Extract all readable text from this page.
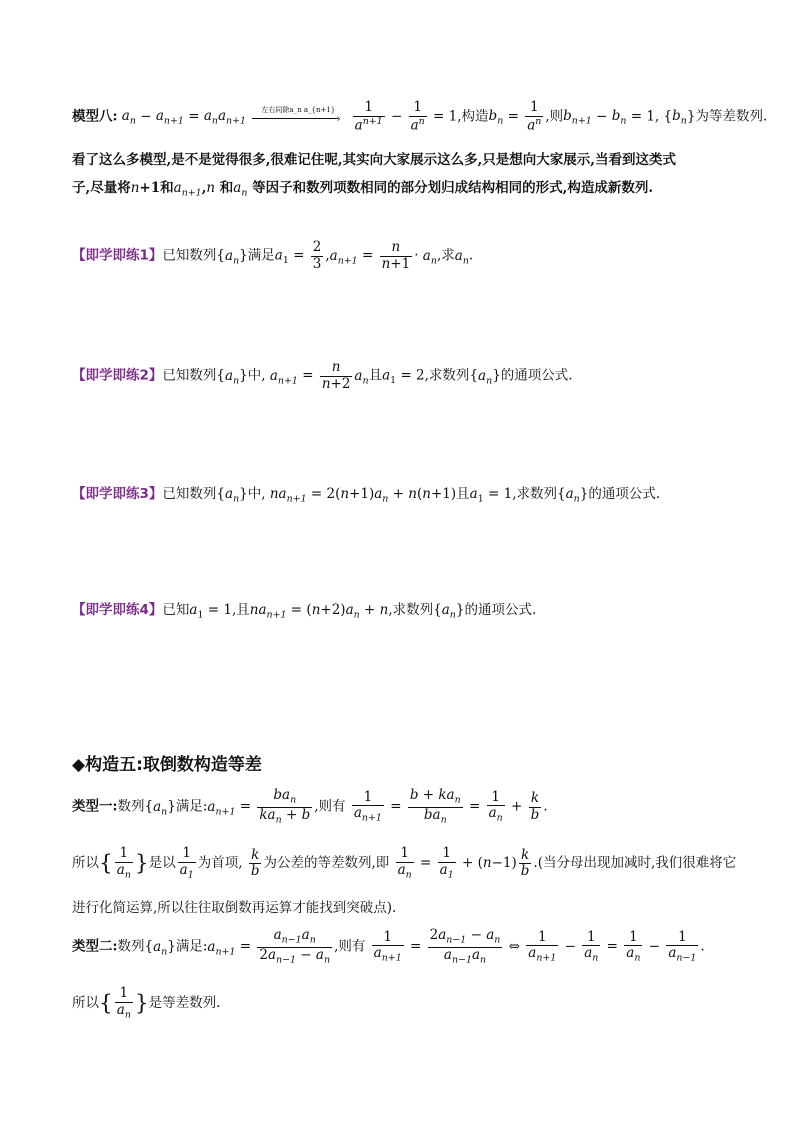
模型八: $a_n - a_{n+1} = a_na_{n+1}$
左右同除a_n a_{n+1}
›
$\frac{1}{a^{n+1}} - \frac{1}{a^n} = 1$,构造$b_n = \frac{1}{a^n}$ ,则$b_{n+1} - b_n = 1$, $\{b_n\}$为等差数列.
看了这么多模型,是不是觉得很多,很难记住呢,其实向大家展示这么多,只是想向大家展示,当看到这类式
子,尽量将n+1和$a_{n+1},n$ 和$a_n$ 等因子和数列项数相同的部分划归成结构相同的形式,构造成新数列.
【即学即练1】已知数列$\{a_n\}$满足$a_1 = \frac{2}{3} ,a_{n+1} = \frac{n}{n+1} \cdot a_n$,求$a_n$.
【即学即练2】已知数列$\{a_n\}$中, $a_{n+1} = \frac{n}{n+2} a_n$且$a_1 = 2$,求数列$\{a_n\}$的通项公式.
【即学即练3】已知数列$\{a_n\}$中, $na_{n+1} = 2(n+1)a_n + n(n+1)$且$a_1 = 1$,求数列$\{a_n\}$的通项公式.
【即学即练4】已知$a_1 = 1$,且$na_{n+1} = (n+2)a_n + n$,求数列$\{a_n\}$的通项公式.
◆构造五:取倒数构造等差
类型一:数列$\{a_n\}$满足$:a_{n+1} = \frac{ba_n}{ka_n + b}$ ,则有 $\frac{1}{a_{n+1}} = \frac{b + ka_n}{ba_n} = \frac{1}{a_n} + \frac{k}{b}$ .
所以{ $\frac{1}{a_n}$ }是以 $\frac{1}{a_1}$ 为首项, $\frac{k}{b}$ 为公差的等差数列,即 $\frac{1}{a_n} = \frac{1}{a_1} + (n-1) \frac{k}{b}$ .(当分母出现加减时,我们很难将它
进行化简运算,所以往往取倒数再运算才能找到突破点).
类型二:数列$\{a_n\}$满足$:a_{n+1} = \frac{a_{n-1}a_n}{2a_{n-1} - a_n}$ ,则有 $\frac{1}{a_{n+1}} = \frac{2a_{n-1} - a_n}{a_{n-1}a_n}$ ⇔ $\frac{1}{a_{n+1}} - \frac{1}{a_n} = \frac{1}{a_n} - \frac{1}{a_{n-1}}$ .
所以{ $\frac{1}{a_n}$ }是等差数列.
